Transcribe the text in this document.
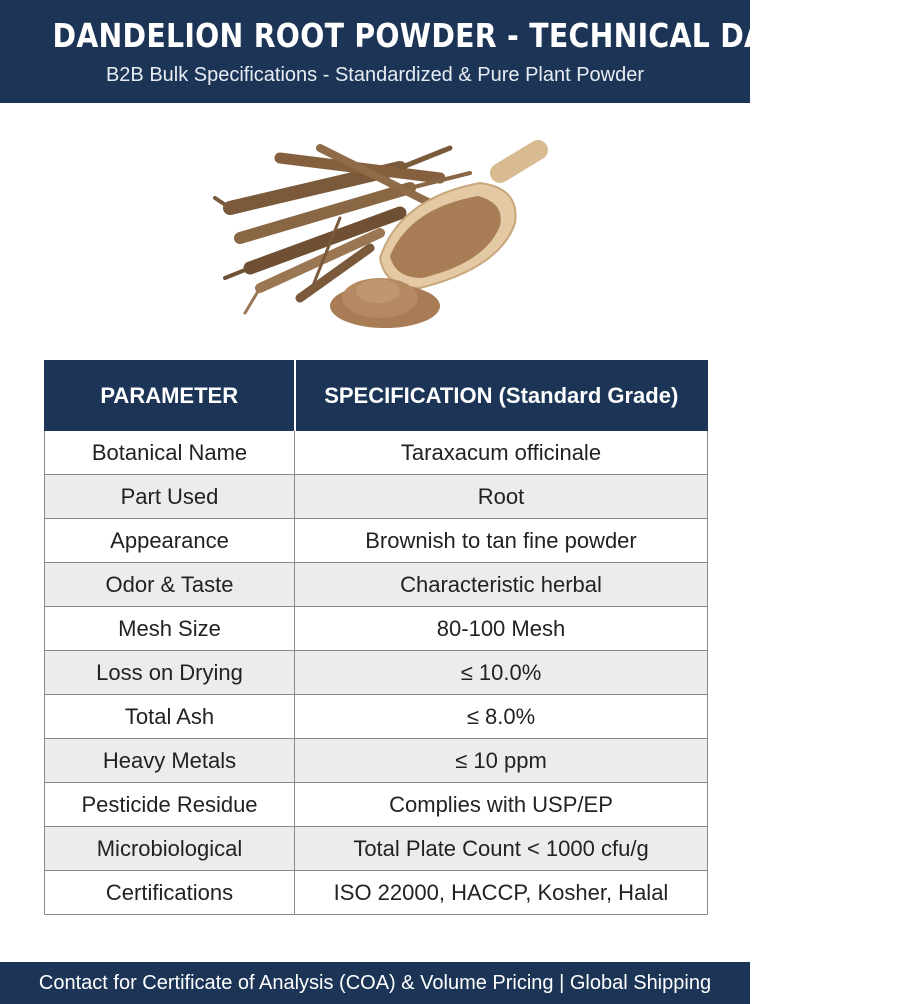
DANDELION ROOT POWDER - TECHNICAL DATA SHEET
B2B Bulk Specifications - Standardized & Pure Plant Powder
PARAMETER	SPECIFICATION (Standard Grade)
Botanical Name	Taraxacum officinale
Part Used	Root
Appearance	Brownish to tan fine powder
Odor & Taste	Characteristic herbal
Mesh Size	80-100 Mesh
Loss on Drying	≤ 10.0%
Total Ash	≤ 8.0%
Heavy Metals	≤ 10 ppm
Pesticide Residue	Complies with USP/EP
Microbiological	Total Plate Count < 1000 cfu/g
Certifications	ISO 22000, HACCP, Kosher, Halal
Contact for Certificate of Analysis (COA) & Volume Pricing | Global Shipping
